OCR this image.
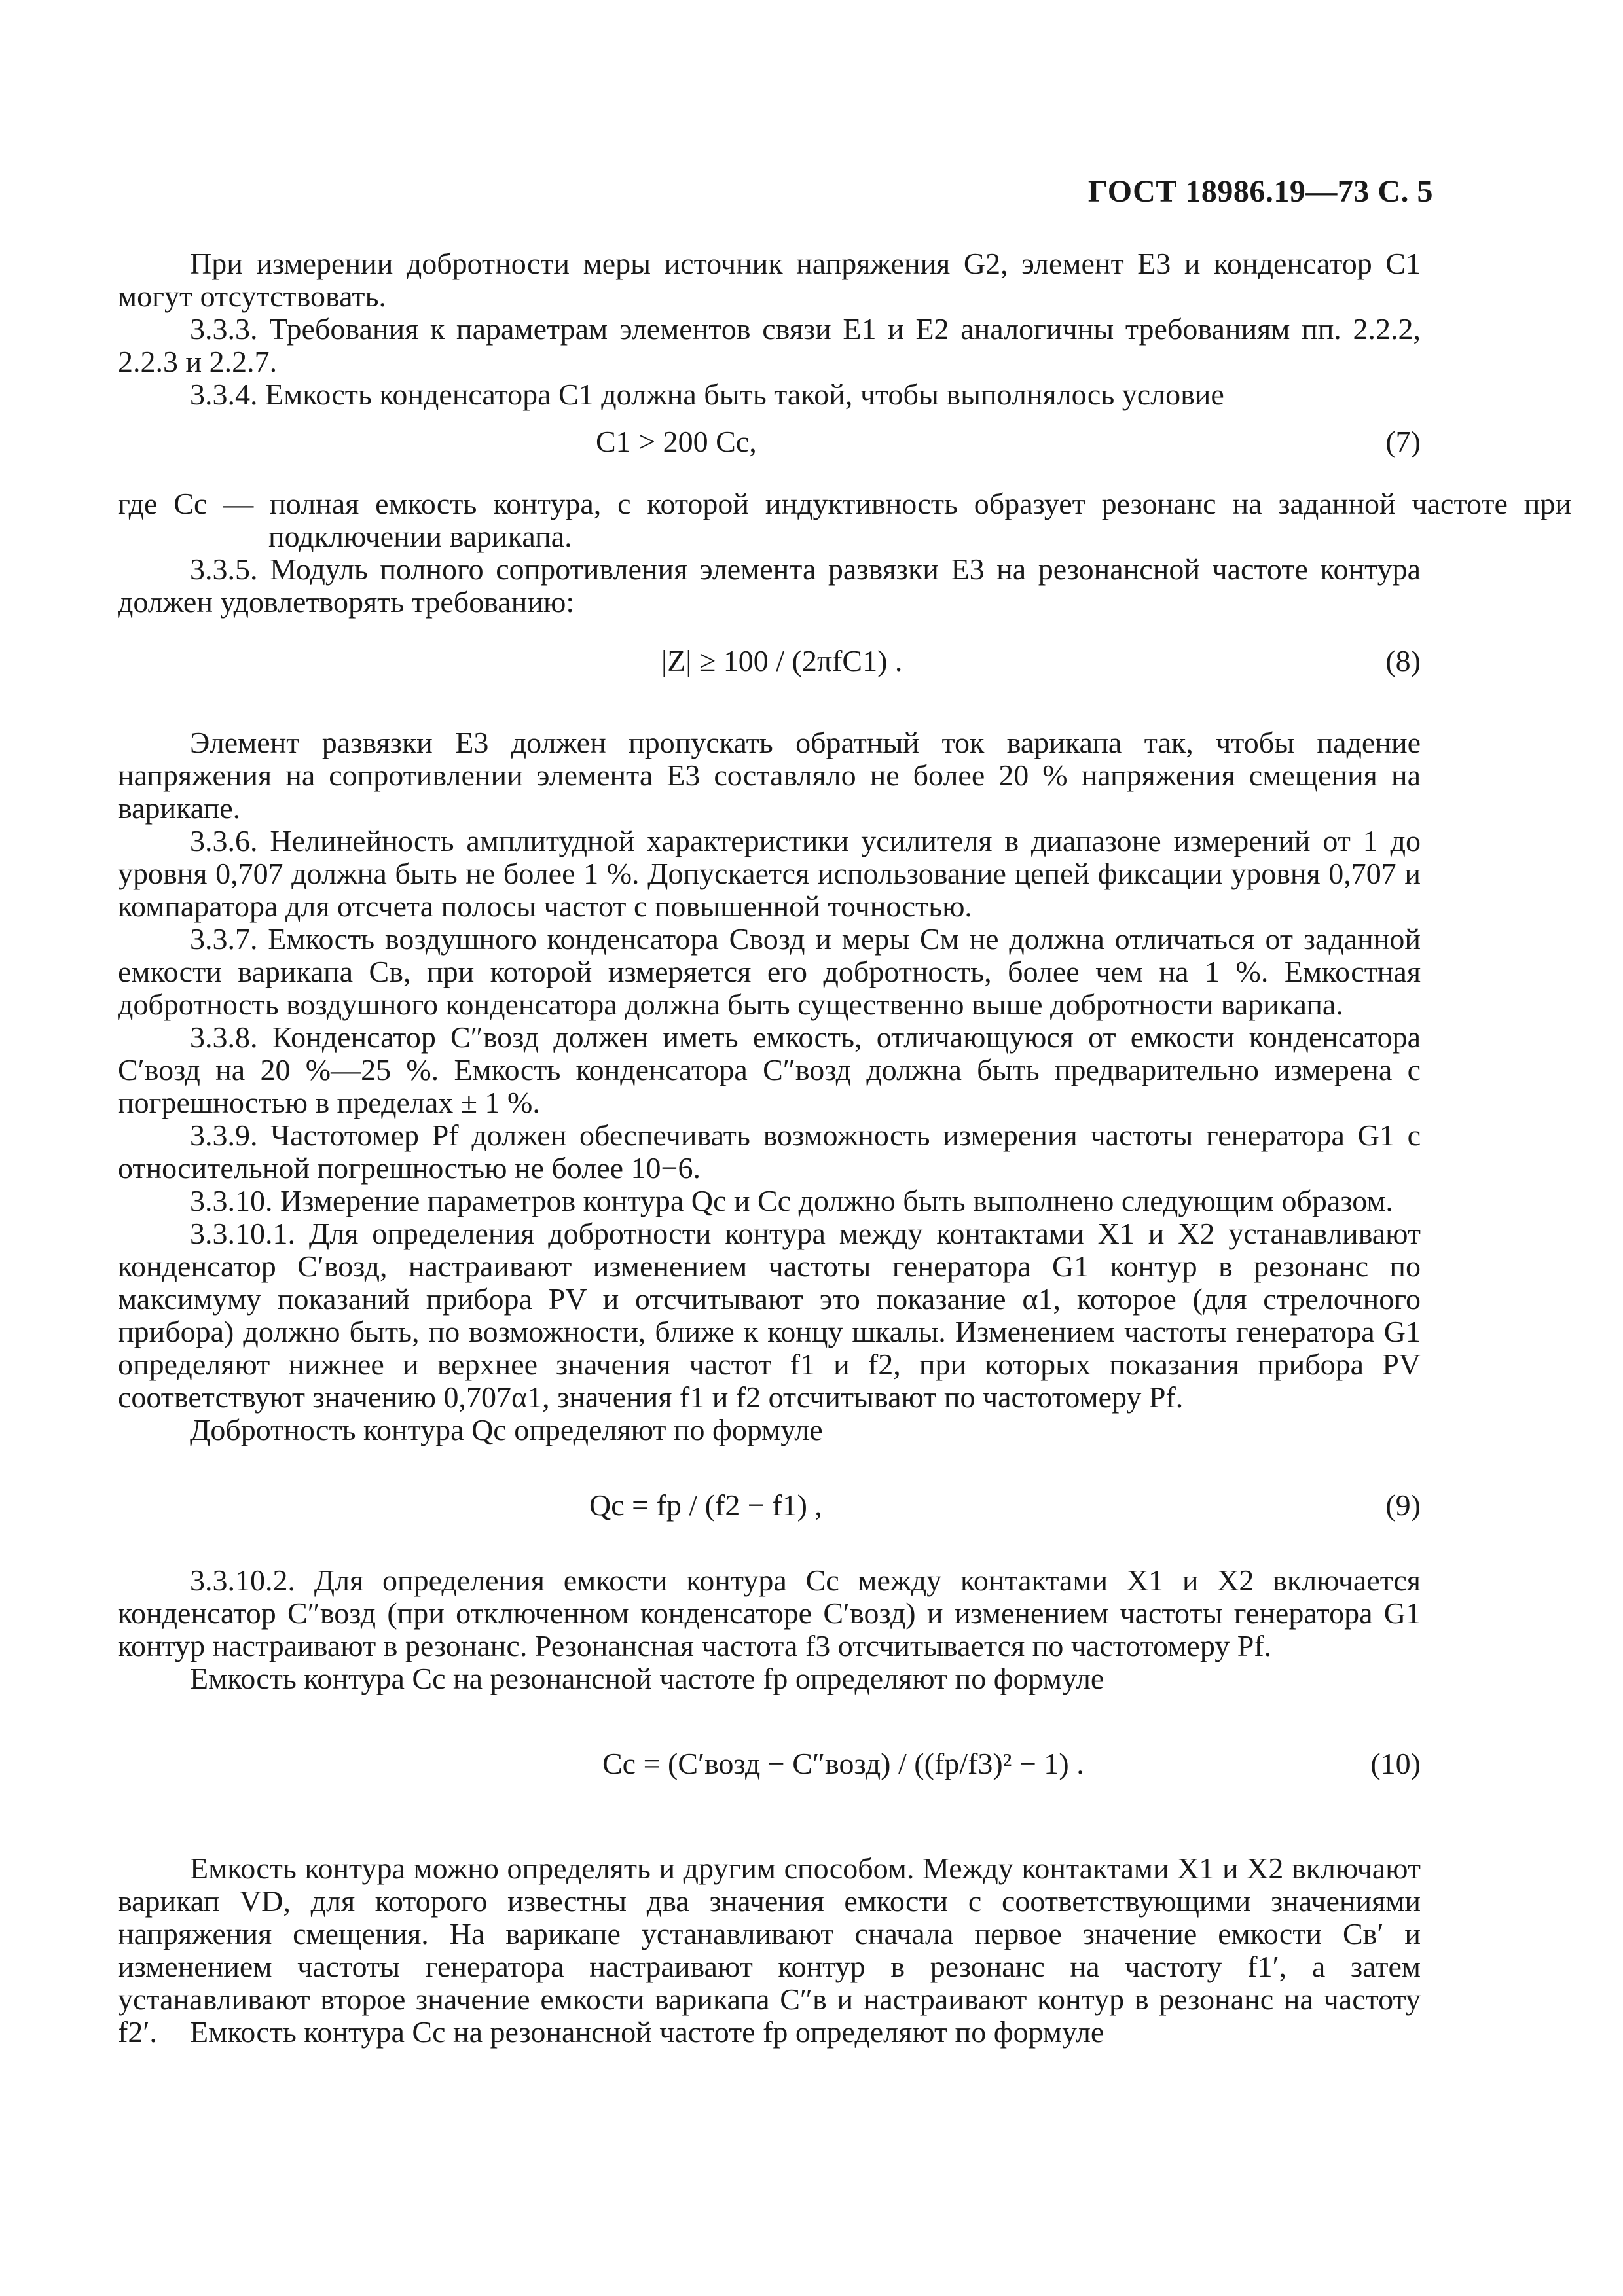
ГОСТ 18986.19—73 С. 5
При измерении добротности меры источник напряжения G2, элемент E3 и конденсатор C1 могут отсутствовать.
3.3.3. Требования к параметрам элементов связи E1 и E2 аналогичны требованиям пп. 2.2.2, 2.2.3 и 2.2.7.
3.3.4. Емкость конденсатора C1 должна быть такой, чтобы выполнялось условие
C1 > 200 Cс,	(7)
где Cс — полная емкость контура, с которой индуктивность образует резонанс на заданной частоте при подключении варикапа.
3.3.5. Модуль полного сопротивления элемента развязки E3 на резонансной частоте контура должен удовлетворять требованию:
|Z| ≥ 100 / (2πfC1) .	(8)
Элемент развязки E3 должен пропускать обратный ток варикапа так, чтобы падение напряжения на сопротивлении элемента E3 составляло не более 20 % напряжения смещения на варикапе.
3.3.6. Нелинейность амплитудной характеристики усилителя в диапазоне измерений от 1 до уровня 0,707 должна быть не более 1 %. Допускается использование цепей фиксации уровня 0,707 и компаратора для отсчета полосы частот с повышенной точностью.
3.3.7. Емкость воздушного конденсатора Cвозд и меры Cм не должна отличаться от заданной емкости варикапа Cв, при которой измеряется его добротность, более чем на 1 %. Емкостная добротность воздушного конденсатора должна быть существенно выше добротности варикапа.
3.3.8. Конденсатор C″возд должен иметь емкость, отличающуюся от емкости конденсатора C′возд на 20 %—25 %. Емкость конденсатора C″возд должна быть предварительно измерена с погрешностью в пределах ± 1 %.
3.3.9. Частотомер Pf должен обеспечивать возможность измерения частоты генератора G1 с относительной погрешностью не более 10−6.
3.3.10. Измерение параметров контура Qс и Cс должно быть выполнено следующим образом.
3.3.10.1. Для определения добротности контура между контактами X1 и X2 устанавливают конденсатор C′возд, настраивают изменением частоты генератора G1 контур в резонанс по максимуму показаний прибора PV и отсчитывают это показание α1, которое (для стрелочного прибора) должно быть, по возможности, ближе к концу шкалы. Изменением частоты генератора G1 определяют нижнее и верхнее значения частот f1 и f2, при которых показания прибора PV соответствуют значению 0,707α1, значения f1 и f2 отсчитывают по частотомеру Pf.
Добротность контура Qс определяют по формуле
Qс = fр / (f2 − f1) ,	(9)
3.3.10.2. Для определения емкости контура Cс между контактами X1 и X2 включается конденсатор C″возд (при отключенном конденсаторе C′возд) и изменением частоты генератора G1 контур настраивают в резонанс. Резонансная частота f3 отсчитывается по частотомеру Pf.
Емкость контура Cс на резонансной частоте fр определяют по формуле
Cс = (C′возд − C″возд) / ((fр/f3)² − 1) .	(10)
Емкость контура можно определять и другим способом. Между контактами X1 и X2 включают варикап VD, для которого известны два значения емкости с соответствующими значениями напряжения смещения. На варикапе устанавливают сначала первое значение емкости Cв′ и изменением частоты генератора настраивают контур в резонанс на частоту f1′, а затем устанавливают второе значение емкости варикапа C″в и настраивают контур в резонанс на частоту f2′.	Емкость контура Cс на резонансной частоте fр определяют по формуле
